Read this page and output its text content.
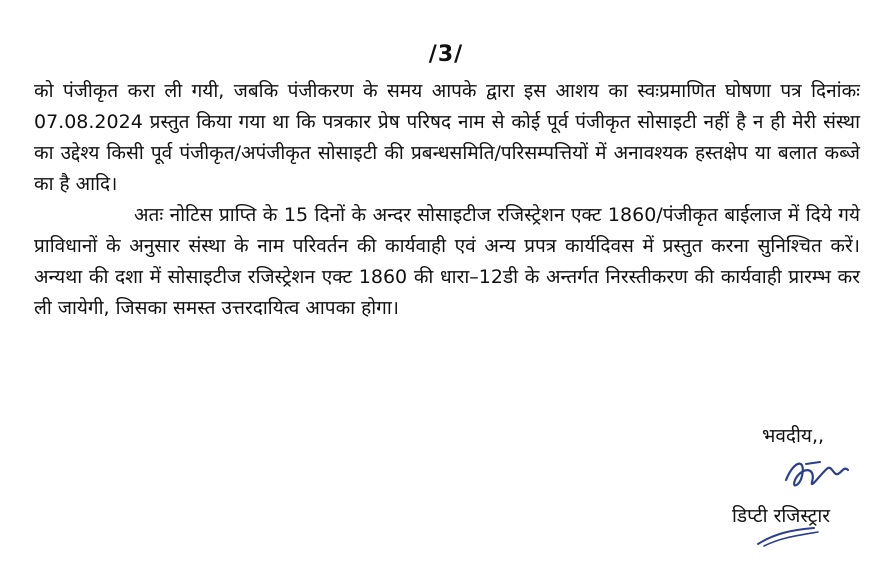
/3/

को पंजीकृत करा ली गयी, जबकि पंजीकरण के समय आपके द्वारा इस आशय का स्वःप्रमाणित घोषणा पत्र दिनांकः 07.08.2024 प्रस्तुत किया गया था कि पत्रकार प्रेष परिषद नाम से कोई पूर्व पंजीकृत सोसाइटी नहीं है न ही मेरी संस्था का उद्देश्य किसी पूर्व पंजीकृत/अपंजीकृत सोसाइटी की प्रबन्धसमिति/परिसम्पत्तियों में अनावश्यक हस्तक्षेप या बलात कब्जे का है आदि।

अतः नोटिस प्राप्ति के 15 दिनों के अन्दर सोसाइटीज रजिस्ट्रेशन एक्ट 1860/पंजीकृत बाईलाज में दिये गये प्राविधानों के अनुसार संस्था के नाम परिवर्तन की कार्यवाही एवं अन्य प्रपत्र कार्यदिवस में प्रस्तुत करना सुनिश्चित करें। अन्यथा की दशा में सोसाइटीज रजिस्ट्रेशन एक्ट 1860 की धारा–12डी के अन्तर्गत निरस्तीकरण की कार्यवाही प्रारम्भ कर ली जायेगी, जिसका समस्त उत्तरदायित्व आपका होगा।

भवदीय,,
डिप्टी रजिस्ट्रार
